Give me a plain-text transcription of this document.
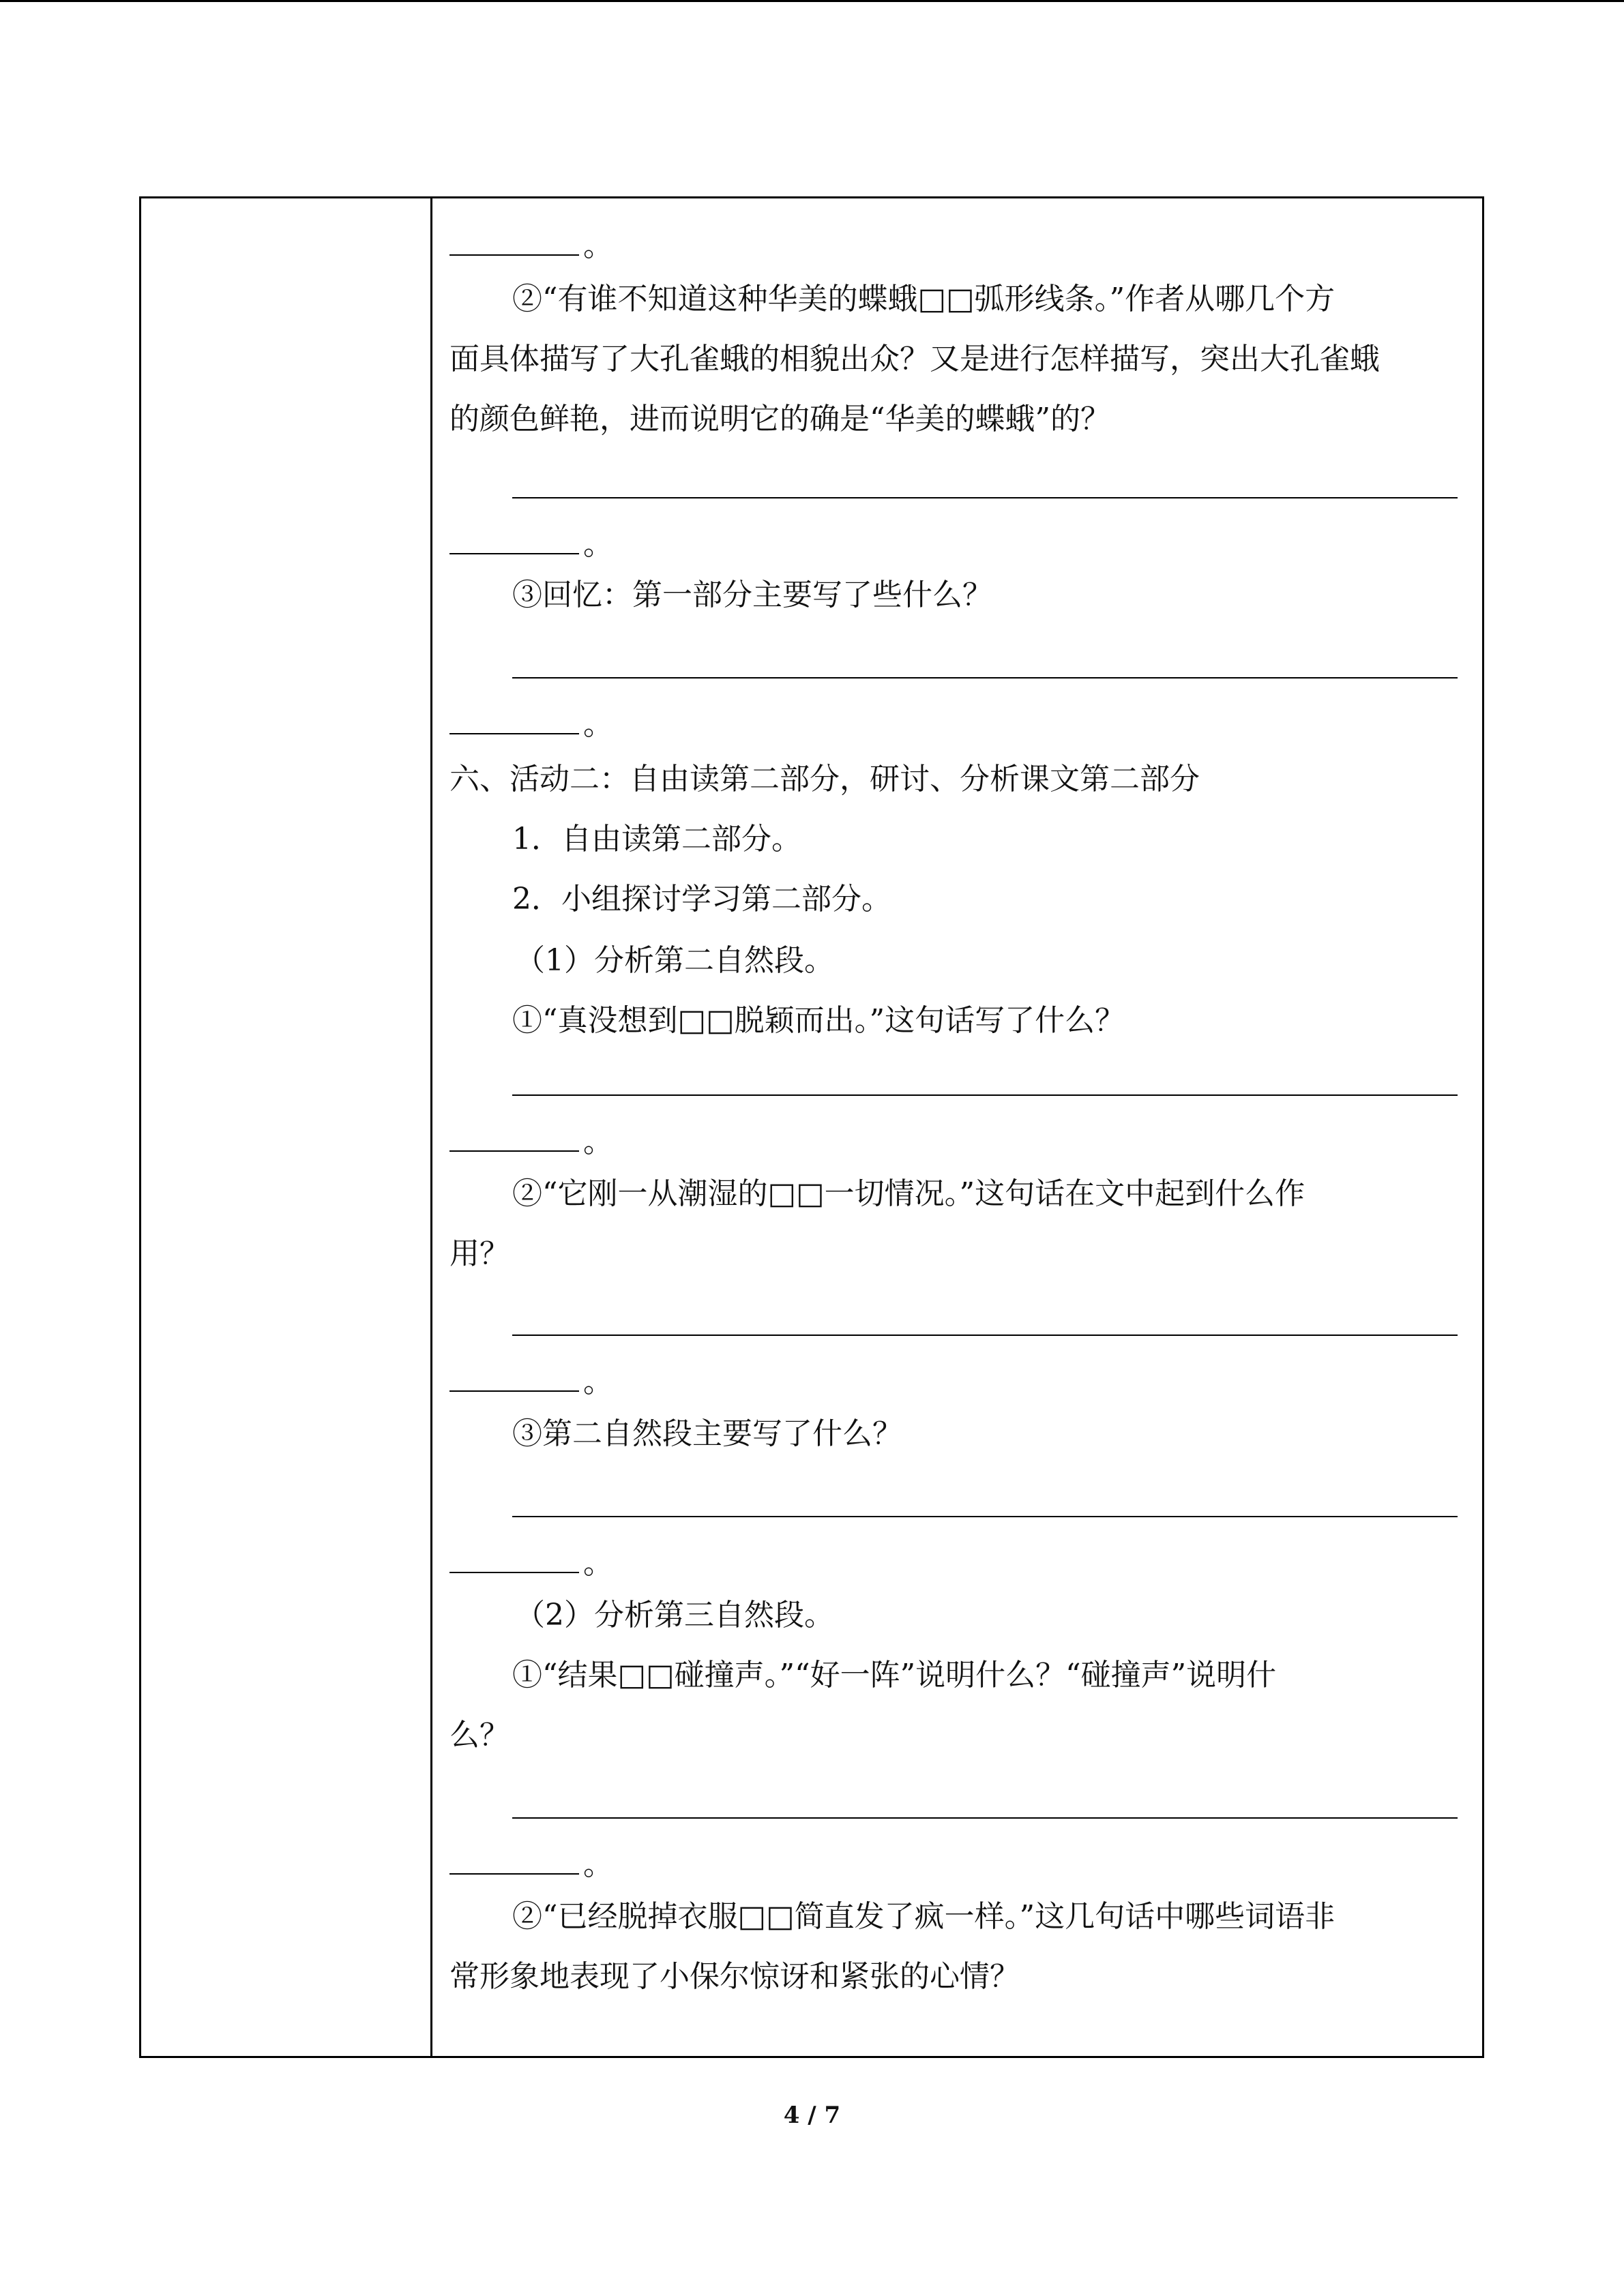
。
②“有谁不知道这种华美的蝶蛾□□弧形线条。”作者从哪几个方
面具体描写了大孔雀蛾的相貌出众？又是进行怎样描写，突出大孔雀蛾
的颜色鲜艳，进而说明它的确是“华美的蝶蛾”的？
。
③回忆：第一部分主要写了些什么？
。
六、活动二：自由读第二部分，研讨、分析课文第二部分
1．自由读第二部分。
2．小组探讨学习第二部分。
（1）分析第二自然段。
①“真没想到□□脱颖而出。”这句话写了什么？
。
②“它刚一从潮湿的□□一切情况。”这句话在文中起到什么作
用？
。
③第二自然段主要写了什么？
。
（2）分析第三自然段。
①“结果□□碰撞声。”“好一阵”说明什么？“碰撞声”说明什
么？
。
②“已经脱掉衣服□□简直发了疯一样。”这几句话中哪些词语非
常形象地表现了小保尔惊讶和紧张的心情？
4 / 7
